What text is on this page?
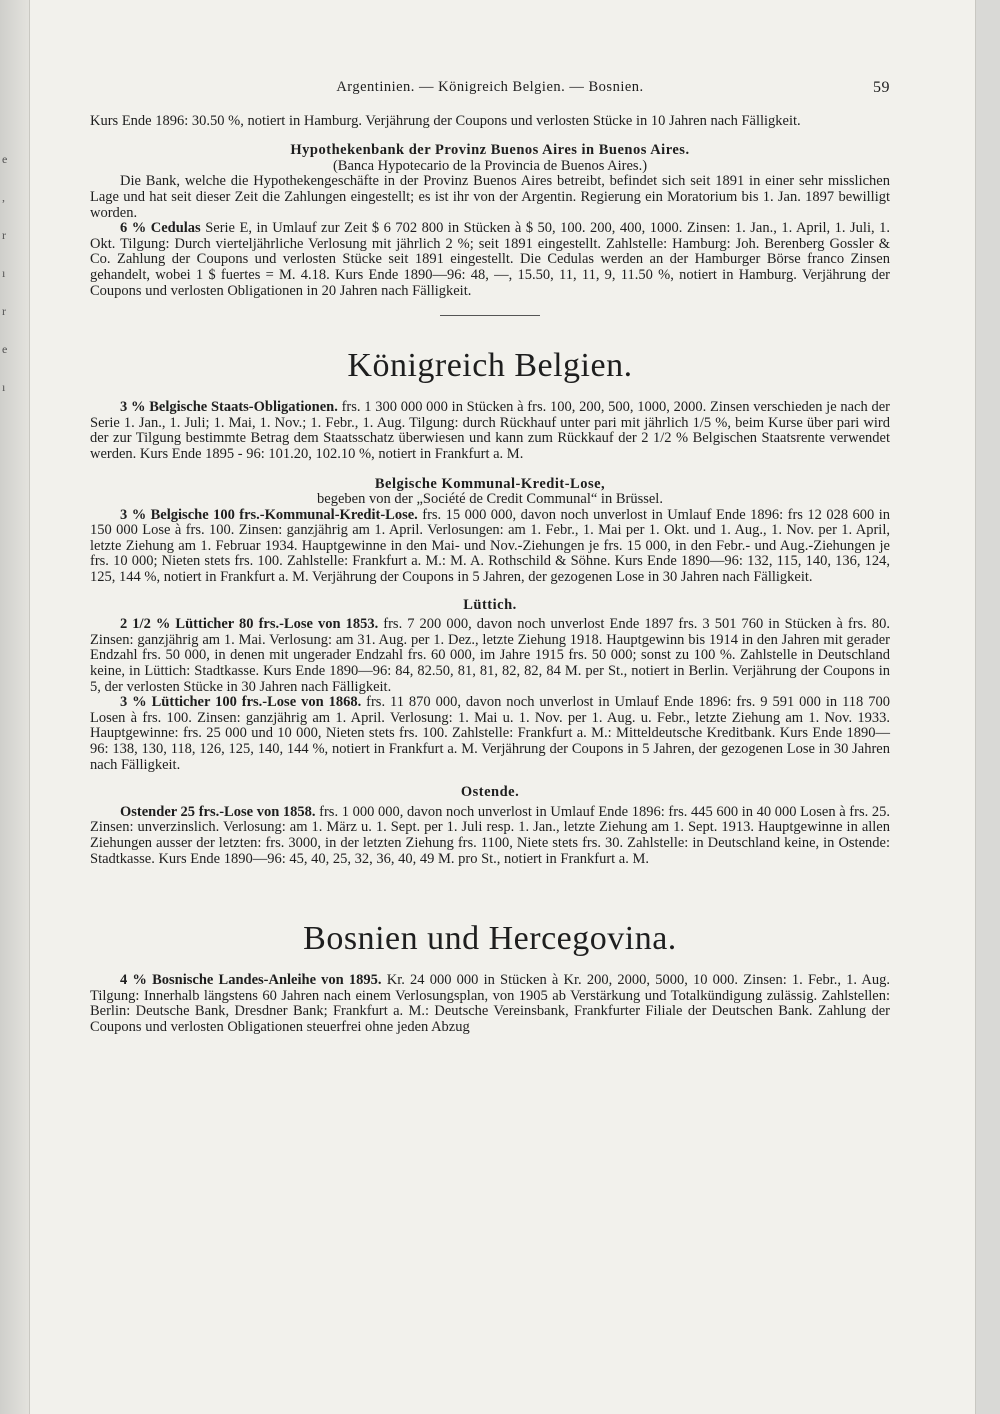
e
,
r
ı
r
e
ı
Argentinien. — Königreich Belgien. — Bosnien.	59

Kurs Ende 1896: 30.50 %, notiert in Hamburg. Verjährung der Coupons und verlosten Stücke in 10 Jahren nach Fälligkeit.

Hypothekenbank der Provinz Buenos Aires in Buenos Aires.

(Banca Hypotecario de la Provincia de Buenos Aires.)

Die Bank, welche die Hypothekengeschäfte in der Provinz Buenos Aires betreibt, befindet sich seit 1891 in einer sehr misslichen Lage und hat seit dieser Zeit die Zahlungen eingestellt; es ist ihr von der Argentin. Regierung ein Moratorium bis 1. Jan. 1897 bewilligt worden.

6 % Cedulas Serie E, in Umlauf zur Zeit $ 6 702 800 in Stücken à $ 50, 100. 200, 400, 1000. Zinsen: 1. Jan., 1. April, 1. Juli, 1. Okt. Tilgung: Durch vierteljährliche Verlosung mit jährlich 2 %; seit 1891 eingestellt. Zahlstelle: Hamburg: Joh. Berenberg Gossler & Co. Zahlung der Coupons und verlosten Stücke seit 1891 eingestellt. Die Cedulas werden an der Hamburger Börse franco Zinsen gehandelt, wobei 1 $ fuertes = M. 4.18. Kurs Ende 1890—96: 48, —, 15.50, 11, 11, 9, 11.50 %, notiert in Hamburg. Verjährung der Coupons und verlosten Obligationen in 20 Jahren nach Fälligkeit.

Königreich Belgien.

3 % Belgische Staats-Obligationen. frs. 1 300 000 000 in Stücken à frs. 100, 200, 500, 1000, 2000. Zinsen verschieden je nach der Serie 1. Jan., 1. Juli; 1. Mai, 1. Nov.; 1. Febr., 1. Aug. Tilgung: durch Rückhauf unter pari mit jährlich 1/5 %, beim Kurse über pari wird der zur Tilgung bestimmte Betrag dem Staatsschatz überwiesen und kann zum Rückkauf der 2 1/2 % Belgischen Staatsrente verwendet werden. Kurs Ende 1895 - 96: 101.20, 102.10 %, notiert in Frankfurt a. M.

Belgische Kommunal-Kredit-Lose,

begeben von der „Société de Credit Communal“ in Brüssel.

3 % Belgische 100 frs.-Kommunal-Kredit-Lose. frs. 15 000 000, davon noch unverlost in Umlauf Ende 1896: frs 12 028 600 in 150 000 Lose à frs. 100. Zinsen: ganzjährig am 1. April. Verlosungen: am 1. Febr., 1. Mai per 1. Okt. und 1. Aug., 1. Nov. per 1. April, letzte Ziehung am 1. Februar 1934. Hauptgewinne in den Mai- und Nov.-Ziehungen je frs. 15 000, in den Febr.- und Aug.-Ziehungen je frs. 10 000; Nieten stets frs. 100. Zahlstelle: Frankfurt a. M.: M. A. Rothschild & Söhne. Kurs Ende 1890—96: 132, 115, 140, 136, 124, 125, 144 %, notiert in Frankfurt a. M. Verjährung der Coupons in 5 Jahren, der gezogenen Lose in 30 Jahren nach Fälligkeit.

Lüttich.

2 1/2 % Lütticher 80 frs.-Lose von 1853. frs. 7 200 000, davon noch unverlost Ende 1897 frs. 3 501 760 in Stücken à frs. 80. Zinsen: ganzjährig am 1. Mai. Verlosung: am 31. Aug. per 1. Dez., letzte Ziehung 1918. Hauptgewinn bis 1914 in den Jahren mit gerader Endzahl frs. 50 000, in denen mit ungerader Endzahl frs. 60 000, im Jahre 1915 frs. 50 000; sonst zu 100 %. Zahlstelle in Deutschland keine, in Lüttich: Stadtkasse. Kurs Ende 1890—96: 84, 82.50, 81, 81, 82, 82, 84 M. per St., notiert in Berlin. Verjährung der Coupons in 5, der verlosten Stücke in 30 Jahren nach Fälligkeit.

3 % Lütticher 100 frs.-Lose von 1868. frs. 11 870 000, davon noch unverlost in Umlauf Ende 1896: frs. 9 591 000 in 118 700 Losen à frs. 100. Zinsen: ganzjährig am 1. April. Verlosung: 1. Mai u. 1. Nov. per 1. Aug. u. Febr., letzte Ziehung am 1. Nov. 1933. Hauptgewinne: frs. 25 000 und 10 000, Nieten stets frs. 100. Zahlstelle: Frankfurt a. M.: Mitteldeutsche Kreditbank. Kurs Ende 1890—96: 138, 130, 118, 126, 125, 140, 144 %, notiert in Frankfurt a. M. Verjährung der Coupons in 5 Jahren, der gezogenen Lose in 30 Jahren nach Fälligkeit.

Ostende.

Ostender 25 frs.-Lose von 1858. frs. 1 000 000, davon noch unverlost in Umlauf Ende 1896: frs. 445 600 in 40 000 Losen à frs. 25. Zinsen: unverzinslich. Verlosung: am 1. März u. 1. Sept. per 1. Juli resp. 1. Jan., letzte Ziehung am 1. Sept. 1913. Hauptgewinne in allen Ziehungen ausser der letzten: frs. 3000, in der letzten Ziehung frs. 1100, Niete stets frs. 30. Zahlstelle: in Deutschland keine, in Ostende: Stadtkasse. Kurs Ende 1890—96: 45, 40, 25, 32, 36, 40, 49 M. pro St., notiert in Frankfurt a. M.

Bosnien und Hercegovina.

4 % Bosnische Landes-Anleihe von 1895. Kr. 24 000 000 in Stücken à Kr. 200, 2000, 5000, 10 000. Zinsen: 1. Febr., 1. Aug. Tilgung: Innerhalb längstens 60 Jahren nach einem Verlosungsplan, von 1905 ab Verstärkung und Totalkündigung zulässig. Zahlstellen: Berlin: Deutsche Bank, Dresdner Bank; Frankfurt a. M.: Deutsche Vereinsbank, Frankfurter Filiale der Deutschen Bank. Zahlung der Coupons und verlosten Obligationen steuerfrei ohne jeden Abzug
